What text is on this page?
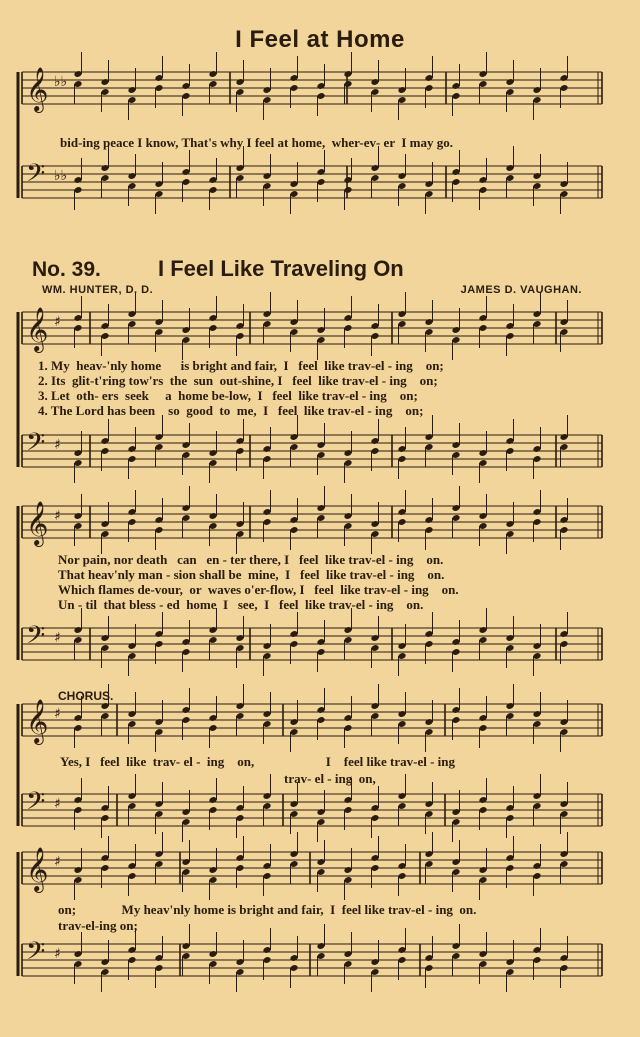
I Feel at Home
𝄞 ♭♭
𝄢 ♭♭
𝄞 ♯
𝄢 ♯
𝄞 ♯
𝄢 ♯
𝄞 ♯
𝄢 ♯
𝄞 ♯
𝄢 ♯
bid-ing peace I know, That's why I feel at home,  wher-ev- er  I may go.
No. 39.	I Feel Like Traveling On
WM. HUNTER, D. D.	JAMES D. VAUGHAN.
1. My  heav-'nly home      is bright and fair,  I   feel  like trav-el - ing    on;
2. Its  glit-t'ring tow'rs  the  sun  out-shine, I   feel  like trav-el - ing    on;
3. Let  oth- ers  seek     a  home be-low,  I   feel  like trav-el - ing    on;
4. The Lord has been    so  good  to  me,  I   feel  like trav-el - ing    on;
Nor pain, nor death   can   en - ter there, I   feel  like trav-el - ing    on.
That heav'nly man - sion shall be  mine,  I   feel  like trav-el - ing    on.
Which flames de-vour,  or  waves o'er-flow, I   feel  like trav-el - ing    on.
Un - til  that bless - ed  home  I   see,  I   feel  like trav-el - ing    on.
CHORUS.
Yes, I   feel  like  trav- el -  ing    on,                      I    feel like trav-el - ing
trav- el - ing  on,
on;              My heav'nly home is bright and fair,  I  feel like trav-el - ing  on.
trav-el-ing on;
